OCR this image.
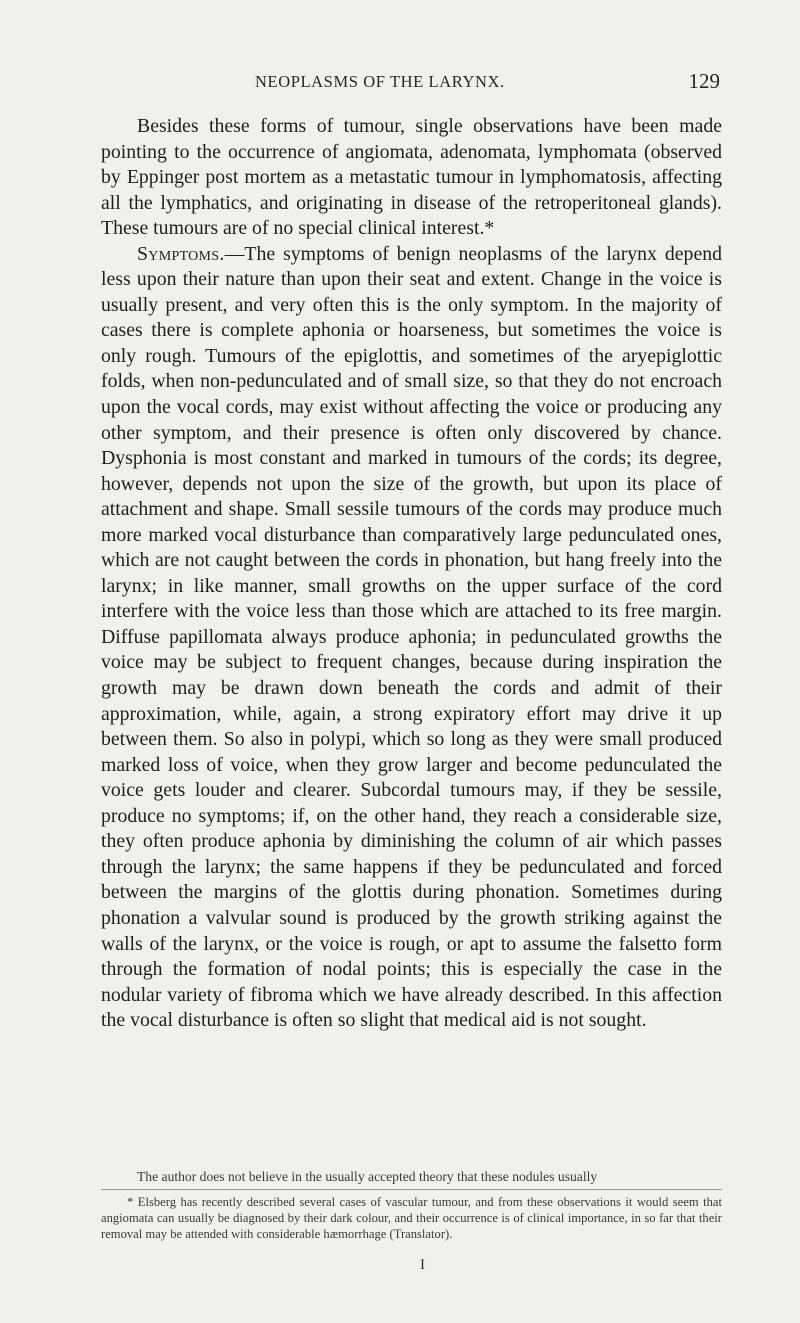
NEOPLASMS OF THE LARYNX.	129

Besides these forms of tumour, single observations have been made pointing to the occurrence of angiomata, adenomata, lymphomata (observed by Eppinger post mortem as a metastatic tumour in lymphomatosis, affecting all the lymphatics, and originating in disease of the retroperitoneal glands). These tumours are of no special clinical interest.*

Symptoms.—The symptoms of benign neoplasms of the larynx depend less upon their nature than upon their seat and extent. Change in the voice is usually present, and very often this is the only symptom. In the majority of cases there is complete aphonia or hoarseness, but sometimes the voice is only rough. Tumours of the epiglottis, and sometimes of the aryepiglottic folds, when non-pedunculated and of small size, so that they do not encroach upon the vocal cords, may exist without affecting the voice or producing any other symptom, and their presence is often only discovered by chance. Dysphonia is most constant and marked in tumours of the cords; its degree, however, depends not upon the size of the growth, but upon its place of attachment and shape. Small sessile tumours of the cords may produce much more marked vocal disturbance than comparatively large pedunculated ones, which are not caught between the cords in phonation, but hang freely into the larynx; in like manner, small growths on the upper surface of the cord interfere with the voice less than those which are attached to its free margin. Diffuse papillomata always produce aphonia; in pedunculated growths the voice may be subject to frequent changes, because during inspiration the growth may be drawn down beneath the cords and admit of their approximation, while, again, a strong expiratory effort may drive it up between them. So also in polypi, which so long as they were small produced marked loss of voice, when they grow larger and become pedunculated the voice gets louder and clearer. Subcordal tumours may, if they be sessile, produce no symptoms; if, on the other hand, they reach a considerable size, they often produce aphonia by diminishing the column of air which passes through the larynx; the same happens if they be pedunculated and forced between the margins of the glottis during phonation. Sometimes during phonation a valvular sound is produced by the growth striking against the walls of the larynx, or the voice is rough, or apt to assume the falsetto form through the formation of nodal points; this is especially the case in the nodular variety of fibroma which we have already described. In this affection the vocal disturbance is often so slight that medical aid is not sought.

The author does not believe in the usually accepted theory that these nodules usually
* Elsberg has recently described several cases of vascular tumour, and from these observations it would seem that angiomata can usually be diagnosed by their dark colour, and their occurrence is of clinical importance, in so far that their removal may be attended with considerable hæmorrhage (Translator).
I
